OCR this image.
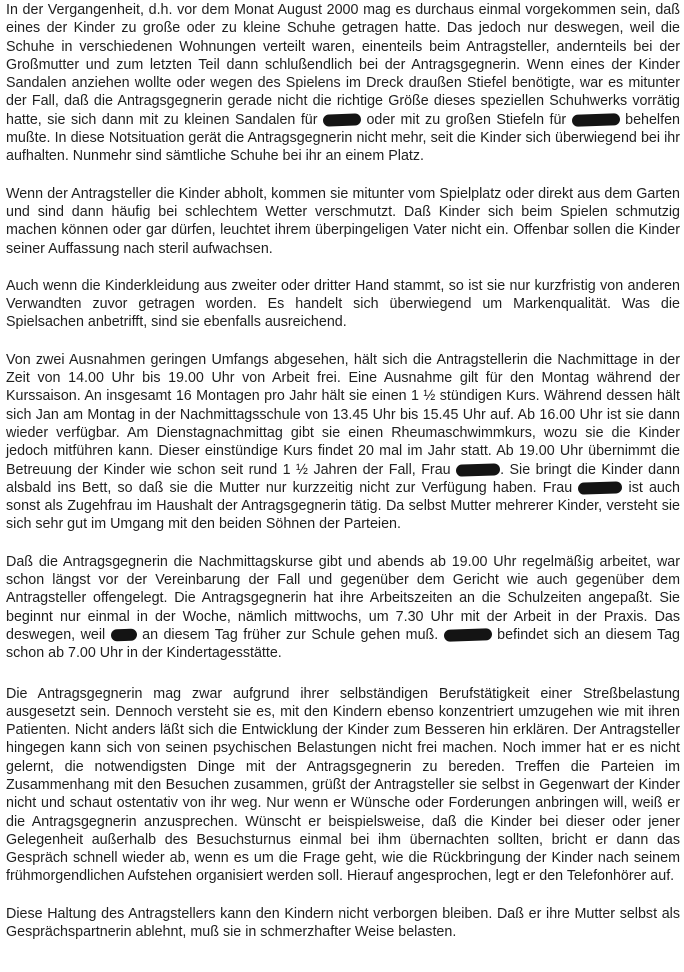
In der Vergangenheit, d.h. vor dem Monat August 2000 mag es durchaus einmal vorgekommen sein, daß eines der Kinder zu große oder zu kleine Schuhe getragen hatte. Das jedoch nur deswegen, weil die Schuhe in verschiedenen Wohnungen verteilt waren, einenteils beim Antragsteller, andernteils bei der Großmutter und zum letzten Teil dann schlußendlich bei der Antragsgegnerin. Wenn eines der Kinder Sandalen anziehen wollte oder wegen des Spielens im Dreck draußen Stiefel benötigte, war es mitunter der Fall, daß die Antragsgegnerin gerade nicht die richtige Größe dieses speziellen Schuhwerks vorrätig hatte, sie sich dann mit zu kleinen Sandalen für	oder mit zu großen Stiefeln für	behelfen mußte. In diese Notsituation gerät die Antragsgegnerin nicht mehr, seit die Kinder sich überwiegend bei ihr aufhalten. Nunmehr sind sämtliche Schuhe bei ihr an einem Platz.

Wenn der Antragsteller die Kinder abholt, kommen sie mitunter vom Spielplatz oder direkt aus dem Garten und sind dann häufig bei schlechtem Wetter verschmutzt. Daß Kinder sich beim Spielen schmutzig machen können oder gar dürfen, leuchtet ihrem überpingeligen Vater nicht ein. Offenbar sollen die Kinder seiner Auffassung nach steril aufwachsen.

Auch wenn die Kinderkleidung aus zweiter oder dritter Hand stammt, so ist sie nur kurzfristig von anderen Verwandten zuvor getragen worden. Es handelt sich überwiegend um Markenqualität. Was die Spielsachen anbetrifft, sind sie ebenfalls ausreichend.

Von zwei Ausnahmen geringen Umfangs abgesehen, hält sich die Antragstellerin die Nachmittage in der Zeit von 14.00 Uhr bis 19.00 Uhr von Arbeit frei. Eine Ausnahme gilt für den Montag während der Kurssaison. An insgesamt 16 Montagen pro Jahr hält sie einen 1 ½ stündigen Kurs. Während dessen hält sich Jan am Montag in der Nachmittagsschule von 13.45 Uhr bis 15.45 Uhr auf. Ab 16.00 Uhr ist sie dann wieder verfügbar. Am Dienstagnachmittag gibt sie einen Rheumaschwimmkurs, wozu sie die Kinder jedoch mitführen kann. Dieser einstündige Kurs findet 20 mal im Jahr statt. Ab 19.00 Uhr übernimmt die Betreuung der Kinder wie schon seit rund 1 ½ Jahren der Fall, Frau	. Sie bringt die Kinder dann alsbald ins Bett, so daß sie die Mutter nur kurzzeitig nicht zur Verfügung haben. Frau	ist auch sonst als Zugehfrau im Haushalt der Antragsgegnerin tätig. Da selbst Mutter mehrerer Kinder, versteht sie sich sehr gut im Umgang mit den beiden Söhnen der Parteien.

Daß die Antragsgegnerin die Nachmittagskurse gibt und abends ab 19.00 Uhr regelmäßig arbeitet, war schon längst vor der Vereinbarung der Fall und gegenüber dem Gericht wie auch gegenüber dem Antragsteller offengelegt. Die Antragsgegnerin hat ihre Arbeitszeiten an die Schulzeiten angepaßt. Sie beginnt nur einmal in der Woche, nämlich mittwochs, um 7.30 Uhr mit der Arbeit in der Praxis. Das deswegen, weil	an diesem Tag früher zur Schule gehen muß.	befindet sich an diesem Tag schon ab 7.00 Uhr in der Kindertagesstätte.

Die Antragsgegnerin mag zwar aufgrund ihrer selbständigen Berufstätigkeit einer Streßbelastung ausgesetzt sein. Dennoch versteht sie es, mit den Kindern ebenso konzentriert umzugehen wie mit ihren Patienten. Nicht anders läßt sich die Entwicklung der Kinder zum Besseren hin erklären. Der Antragsteller hingegen kann sich von seinen psychischen Belastungen nicht frei machen. Noch immer hat er es nicht gelernt, die notwendigsten Dinge mit der Antragsgegnerin zu bereden. Treffen die Parteien im Zusammenhang mit den Besuchen zusammen, grüßt der Antragsteller sie selbst in Gegenwart der Kinder nicht und schaut ostentativ von ihr weg. Nur wenn er Wünsche oder Forderungen anbringen will, weiß er die Antragsgegnerin anzusprechen. Wünscht er beispielsweise, daß die Kinder bei dieser oder jener Gelegenheit außerhalb des Besuchsturnus einmal bei ihm übernachten sollten, bricht er dann das Gespräch schnell wieder ab, wenn es um die Frage geht, wie die Rückbringung der Kinder nach seinem frühmorgendlichen Aufstehen organisiert werden soll. Hierauf angesprochen, legt er den Telefonhörer auf.

Diese Haltung des Antragstellers kann den Kindern nicht verborgen bleiben. Daß er ihre Mutter selbst als Gesprächspartnerin ablehnt, muß sie in schmerzhafter Weise belasten.
